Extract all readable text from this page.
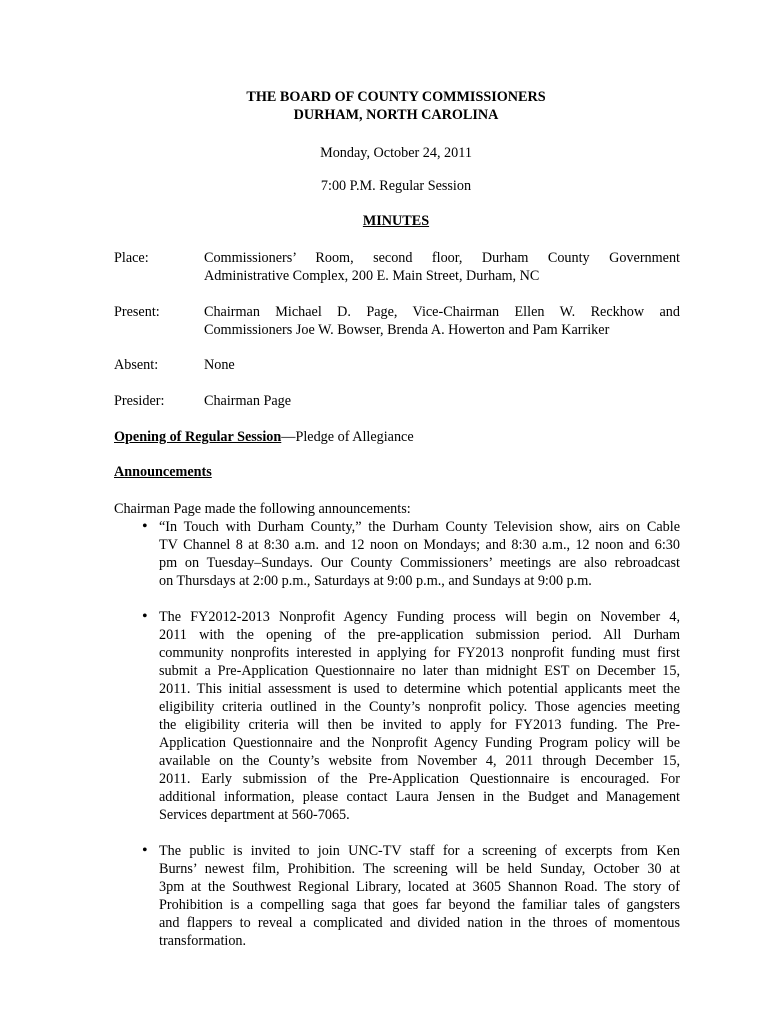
THE BOARD OF COUNTY COMMISSIONERS
DURHAM, NORTH CAROLINA
Monday, October 24, 2011
7:00 P.M. Regular Session
MINUTES
Place:	Commissioners’ Room, second floor, Durham County Government
Administrative Complex, 200 E. Main Street, Durham, NC
Present:	Chairman Michael D. Page, Vice-Chairman Ellen W. Reckhow and
Commissioners Joe W. Bowser, Brenda A. Howerton and Pam Karriker
Absent:	None
Presider:	Chairman Page
Opening of Regular Session—Pledge of Allegiance
Announcements
Chairman Page made the following announcements:
• “In Touch with Durham County,” the Durham County Television show, airs on Cable
TV Channel 8 at 8:30 a.m. and 12 noon on Mondays; and 8:30 a.m., 12 noon and 6:30
pm on Tuesday–Sundays. Our County Commissioners’ meetings are also rebroadcast
on Thursdays at 2:00 p.m., Saturdays at 9:00 p.m., and Sundays at 9:00 p.m.
• The FY2012-2013 Nonprofit Agency Funding process will begin on November 4,
2011 with the opening of the pre-application submission period. All Durham
community nonprofits interested in applying for FY2013 nonprofit funding must first
submit a Pre-Application Questionnaire no later than midnight EST on December 15,
2011. This initial assessment is used to determine which potential applicants meet the
eligibility criteria outlined in the County’s nonprofit policy. Those agencies meeting
the eligibility criteria will then be invited to apply for FY2013 funding. The Pre-
Application Questionnaire and the Nonprofit Agency Funding Program policy will be
available on the County’s website from November 4, 2011 through December 15,
2011. Early submission of the Pre-Application Questionnaire is encouraged. For
additional information, please contact Laura Jensen in the Budget and Management
Services department at 560-7065.
• The public is invited to join UNC-TV staff for a screening of excerpts from Ken
Burns’ newest film, Prohibition. The screening will be held Sunday, October 30 at
3pm at the Southwest Regional Library, located at 3605 Shannon Road. The story of
Prohibition is a compelling saga that goes far beyond the familiar tales of gangsters
and flappers to reveal a complicated and divided nation in the throes of momentous
transformation.
